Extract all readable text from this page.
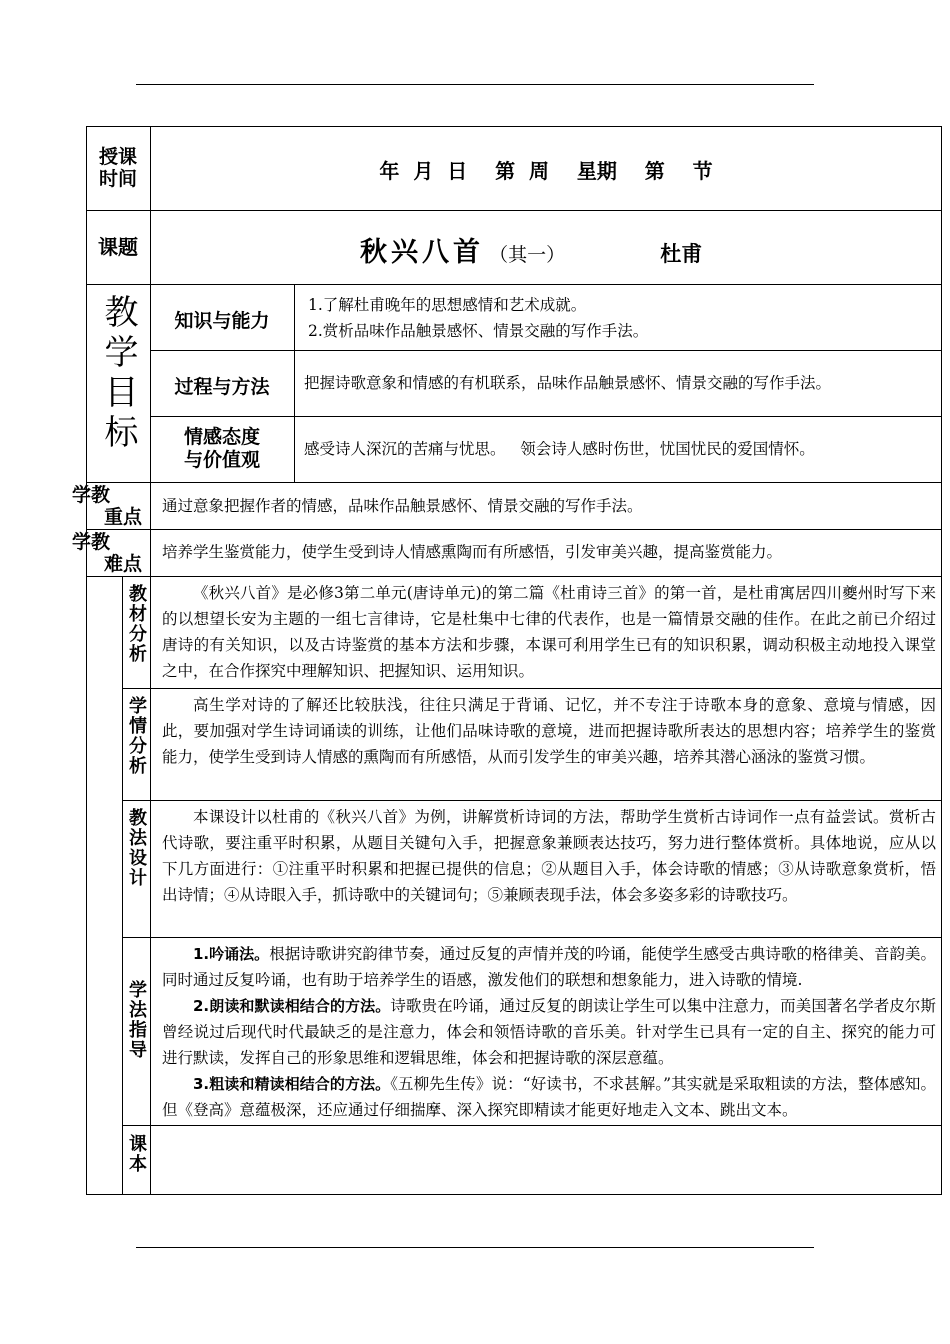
授课时间	年  月  日    第  周    星期    第    节
课题	秋兴八首 （其一）	杜甫
教学目标	知识与能力
1.了解杜甫晚年的思想感情和艺术成就。
2.赏析品味作品触景感怀、情景交融的写作手法。
过程与方法	把握诗歌意象和情感的有机联系，品味作品触景感怀、情景交融的写作手法。
情感态度
与价值观	感受诗人深沉的苦痛与忧思。   领会诗人感时伤世，忧国忧民的爱国情怀。
学教
重点 通过意象把握作者的情感，品味作品触景感怀、情景交融的写作手法。
学教
难点
培养学生鉴赏能力，使学生受到诗人情感熏陶而有所感悟，引发审美兴趣，提高鉴赏能力。
教材分析	《秋兴八首》是必修3第二单元(唐诗单元)的第二篇《杜甫诗三首》的第一首，是杜甫寓居四川夔州时写下来的以想望长安为主题的一组七言律诗，它是杜集中七律的代表作，也是一篇情景交融的佳作。在此之前已介绍过唐诗的有关知识，以及古诗鉴赏的基本方法和步骤，本课可利用学生已有的知识积累，调动积极主动地投入课堂之中，在合作探究中理解知识、把握知识、运用知识。
学情分析	高生学对诗的了解还比较肤浅，往往只满足于背诵、记忆，并不专注于诗歌本身的意象、意境与情感，因此，要加强对学生诗词诵读的训练，让他们品味诗歌的意境，进而把握诗歌所表达的思想内容；培养学生的鉴赏能力，使学生受到诗人情感的熏陶而有所感悟，从而引发学生的审美兴趣，培养其潜心涵泳的鉴赏习惯。
教法设计	本课设计以杜甫的《秋兴八首》为例，讲解赏析诗词的方法，帮助学生赏析古诗词作一点有益尝试。赏析古代诗歌，要注重平时积累，从题目关键句入手，把握意象兼顾表达技巧，努力进行整体赏析。具体地说，应从以下几方面进行：①注重平时积累和把握已提供的信息；②从题目入手，体会诗歌的情感；③从诗歌意象赏析，悟出诗情；④从诗眼入手，抓诗歌中的关键词句；⑤兼顾表现手法，体会多姿多彩的诗歌技巧。
学法指导
1.吟诵法。根据诗歌讲究韵律节奏，通过反复的声情并茂的吟诵，能使学生感受古典诗歌的格律美、音韵美。同时通过反复吟诵，也有助于培养学生的语感，激发他们的联想和想象能力，进入诗歌的情境.
2.朗读和默读相结合的方法。诗歌贵在吟诵，通过反复的朗读让学生可以集中注意力，而美国著名学者皮尔斯曾经说过后现代时代最缺乏的是注意力，体会和领悟诗歌的音乐美。针对学生已具有一定的自主、探究的能力可进行默读，发挥自己的形象思维和逻辑思维，体会和把握诗歌的深层意蕴。
3.粗读和精读相结合的方法。《五柳先生传》说：“好读书，不求甚解。”其实就是采取粗读的方法，整体感知。但《登高》意蕴极深，还应通过仔细揣摩、深入探究即精读才能更好地走入文本、跳出文本。
课本
